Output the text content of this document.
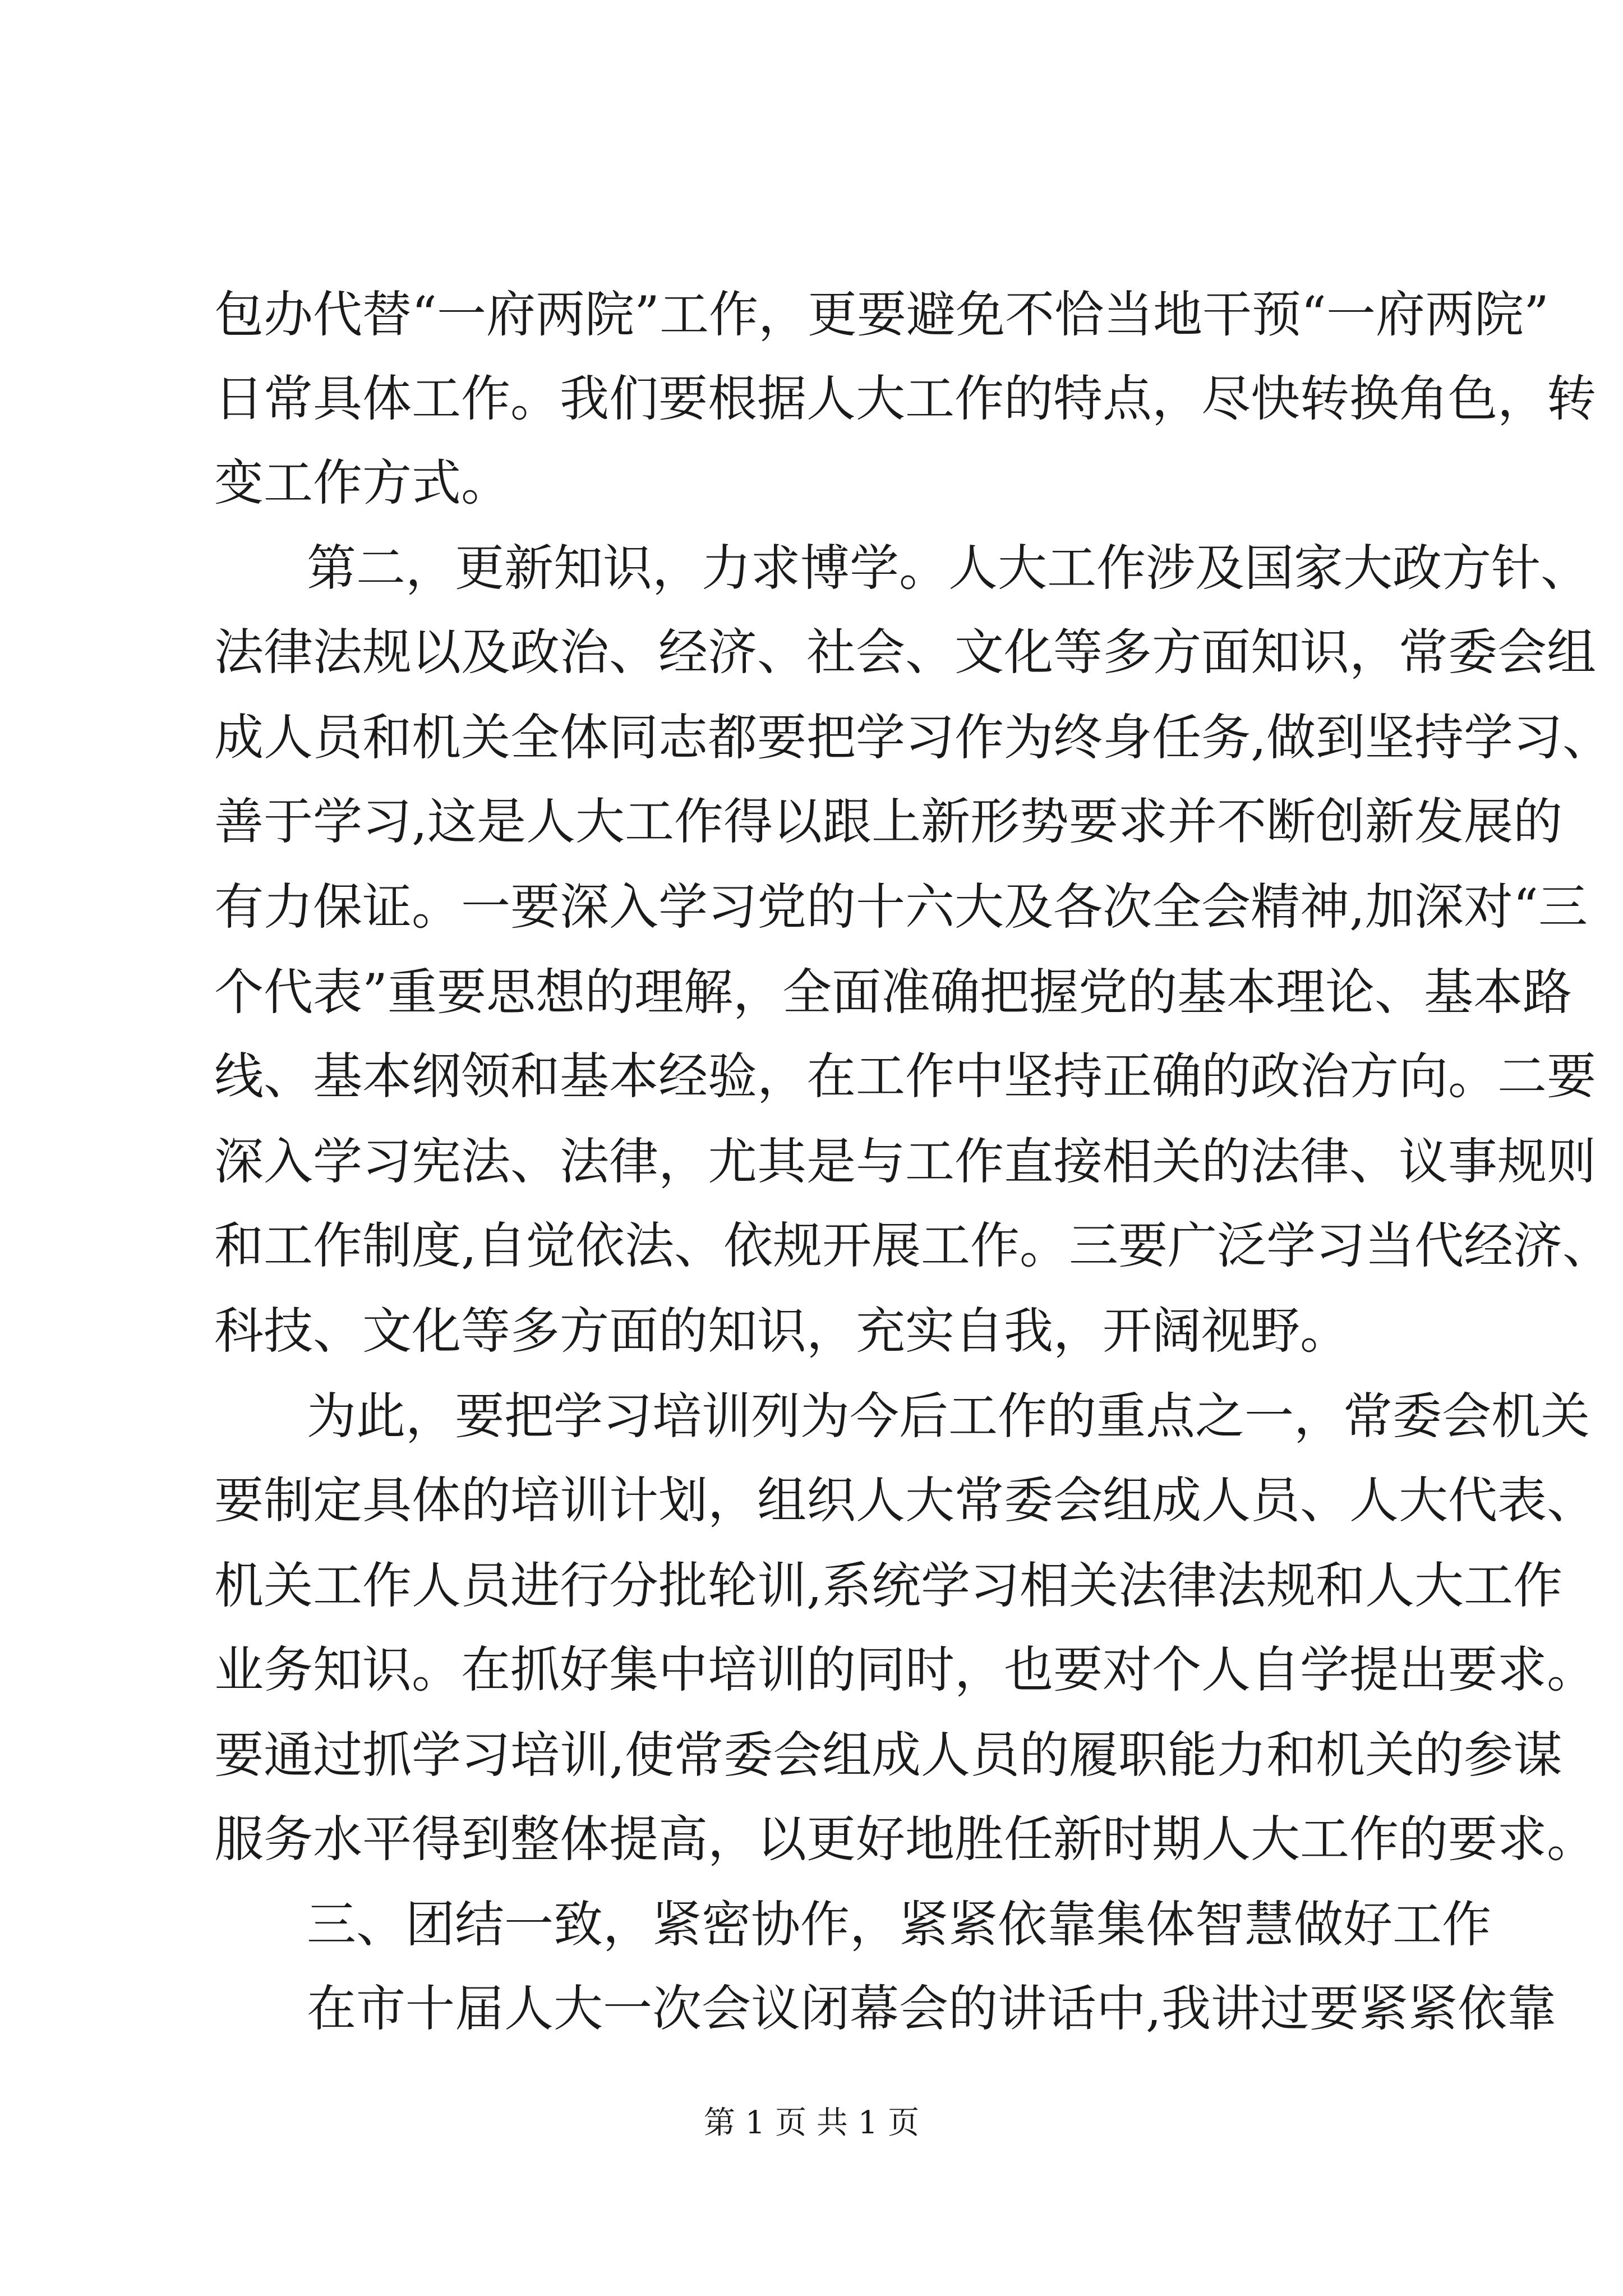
包办代替“一府两院”工作，更要避免不恰当地干预“一府两院”

日常具体工作。我们要根据人大工作的特点，尽快转换角色，转

变工作方式。

第二，更新知识，力求博学。人大工作涉及国家大政方针、

法律法规以及政治、经济、社会、文化等多方面知识，常委会组

成人员和机关全体同志都要把学习作为终身任务,做到坚持学习、

善于学习,这是人大工作得以跟上新形势要求并不断创新发展的

有力保证。一要深入学习党的十六大及各次全会精神,加深对“三

个代表”重要思想的理解，全面准确把握党的基本理论、基本路

线、基本纲领和基本经验，在工作中坚持正确的政治方向。二要

深入学习宪法、法律，尤其是与工作直接相关的法律、议事规则

和工作制度,自觉依法、依规开展工作。三要广泛学习当代经济、

科技、文化等多方面的知识，充实自我，开阔视野。

为此，要把学习培训列为今后工作的重点之一，常委会机关

要制定具体的培训计划，组织人大常委会组成人员、人大代表、

机关工作人员进行分批轮训,系统学习相关法律法规和人大工作

业务知识。在抓好集中培训的同时，也要对个人自学提出要求。

要通过抓学习培训,使常委会组成人员的履职能力和机关的参谋

服务水平得到整体提高，以更好地胜任新时期人大工作的要求。

三、团结一致，紧密协作，紧紧依靠集体智慧做好工作

在市十届人大一次会议闭幕会的讲话中,我讲过要紧紧依靠

第 1 页 共 1 页
